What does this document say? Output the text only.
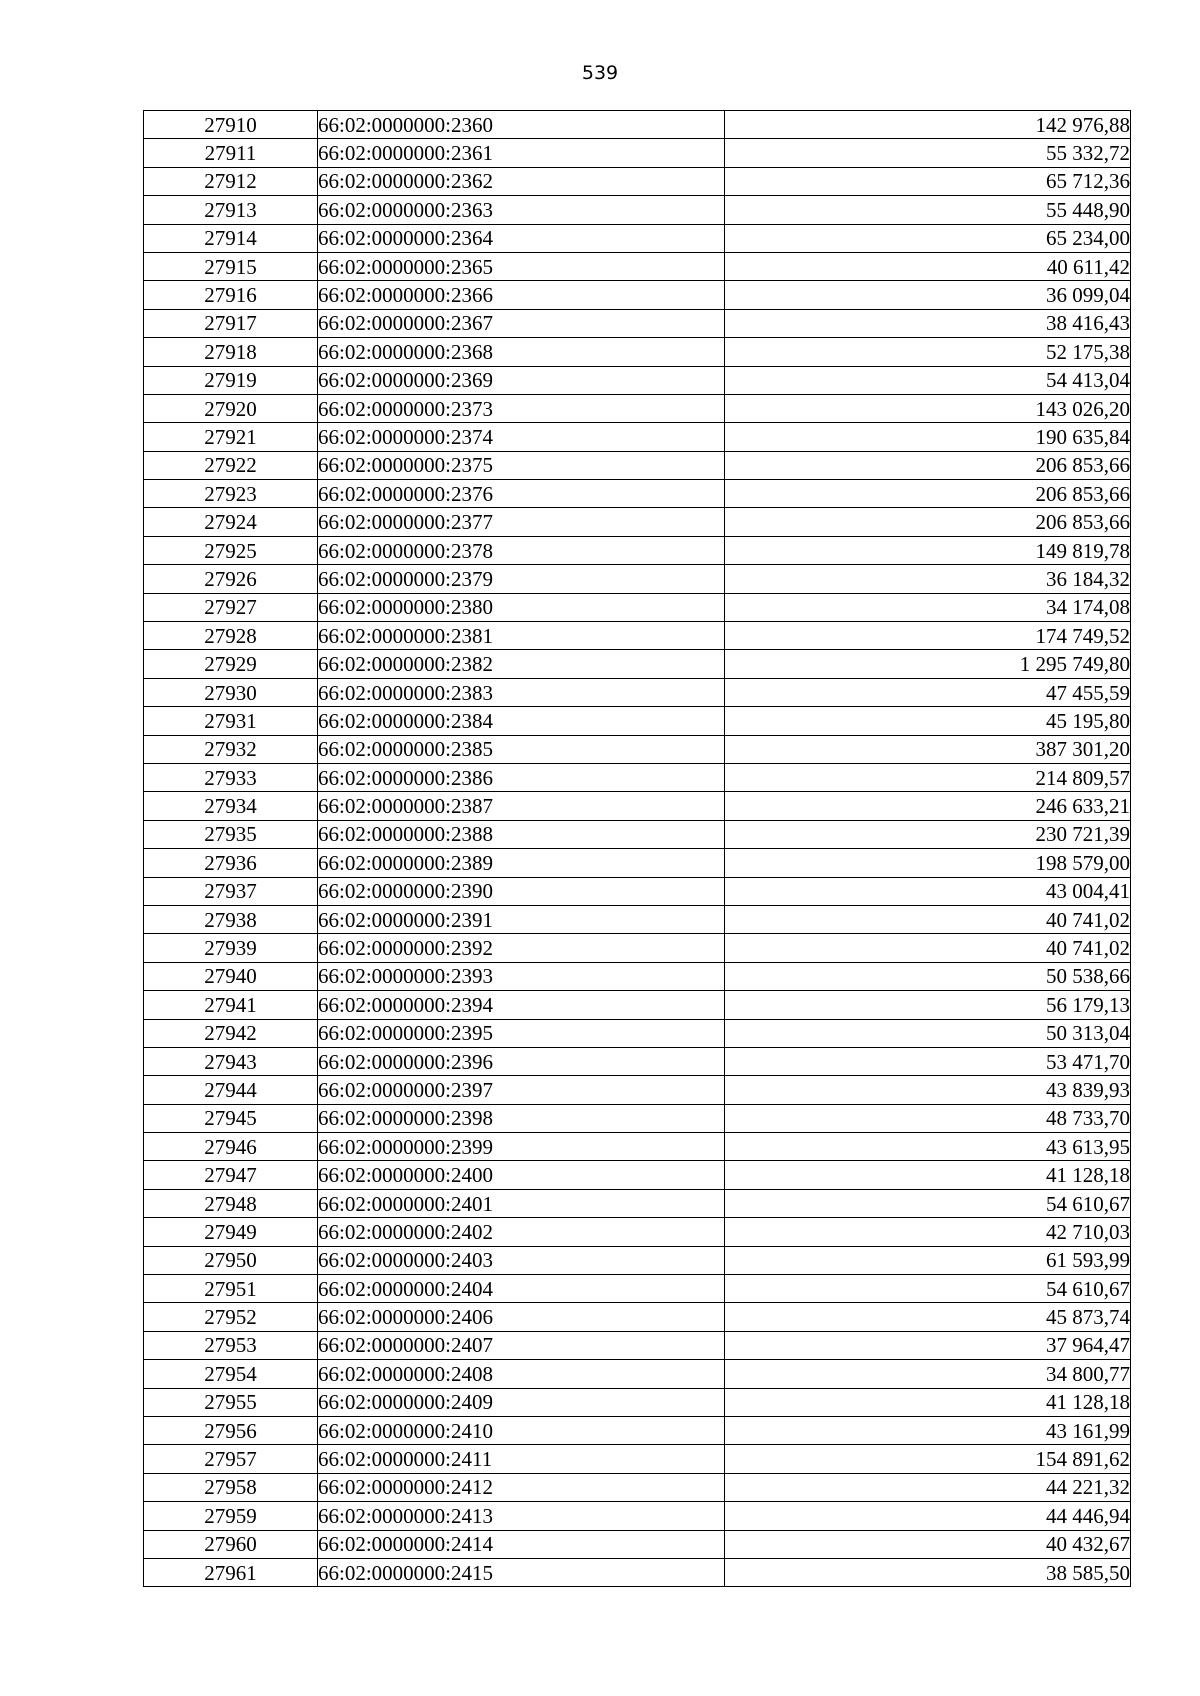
539
27910	66:02:0000000:2360	142 976,88
27911	66:02:0000000:2361	55 332,72
27912	66:02:0000000:2362	65 712,36
27913	66:02:0000000:2363	55 448,90
27914	66:02:0000000:2364	65 234,00
27915	66:02:0000000:2365	40 611,42
27916	66:02:0000000:2366	36 099,04
27917	66:02:0000000:2367	38 416,43
27918	66:02:0000000:2368	52 175,38
27919	66:02:0000000:2369	54 413,04
27920	66:02:0000000:2373	143 026,20
27921	66:02:0000000:2374	190 635,84
27922	66:02:0000000:2375	206 853,66
27923	66:02:0000000:2376	206 853,66
27924	66:02:0000000:2377	206 853,66
27925	66:02:0000000:2378	149 819,78
27926	66:02:0000000:2379	36 184,32
27927	66:02:0000000:2380	34 174,08
27928	66:02:0000000:2381	174 749,52
27929	66:02:0000000:2382	1 295 749,80
27930	66:02:0000000:2383	47 455,59
27931	66:02:0000000:2384	45 195,80
27932	66:02:0000000:2385	387 301,20
27933	66:02:0000000:2386	214 809,57
27934	66:02:0000000:2387	246 633,21
27935	66:02:0000000:2388	230 721,39
27936	66:02:0000000:2389	198 579,00
27937	66:02:0000000:2390	43 004,41
27938	66:02:0000000:2391	40 741,02
27939	66:02:0000000:2392	40 741,02
27940	66:02:0000000:2393	50 538,66
27941	66:02:0000000:2394	56 179,13
27942	66:02:0000000:2395	50 313,04
27943	66:02:0000000:2396	53 471,70
27944	66:02:0000000:2397	43 839,93
27945	66:02:0000000:2398	48 733,70
27946	66:02:0000000:2399	43 613,95
27947	66:02:0000000:2400	41 128,18
27948	66:02:0000000:2401	54 610,67
27949	66:02:0000000:2402	42 710,03
27950	66:02:0000000:2403	61 593,99
27951	66:02:0000000:2404	54 610,67
27952	66:02:0000000:2406	45 873,74
27953	66:02:0000000:2407	37 964,47
27954	66:02:0000000:2408	34 800,77
27955	66:02:0000000:2409	41 128,18
27956	66:02:0000000:2410	43 161,99
27957	66:02:0000000:2411	154 891,62
27958	66:02:0000000:2412	44 221,32
27959	66:02:0000000:2413	44 446,94
27960	66:02:0000000:2414	40 432,67
27961	66:02:0000000:2415	38 585,50
